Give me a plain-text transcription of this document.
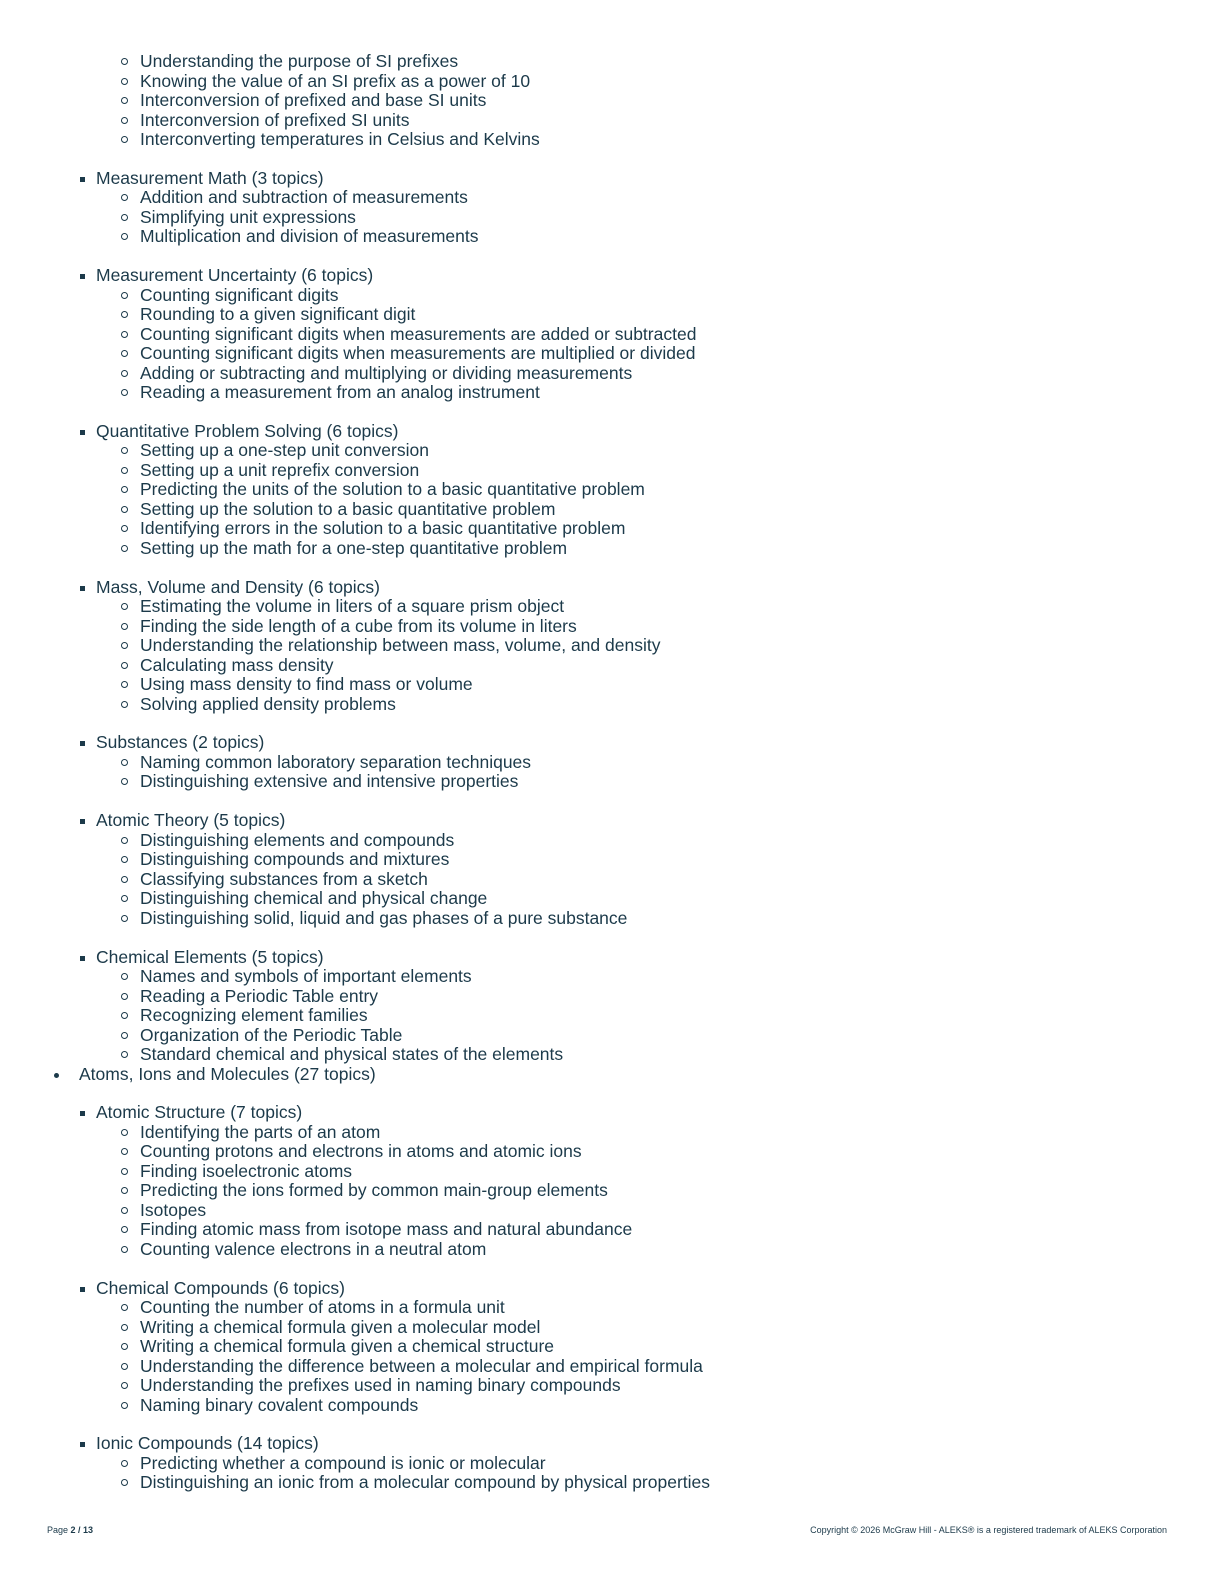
Understanding the purpose of SI prefixes
Knowing the value of an SI prefix as a power of 10
Interconversion of prefixed and base SI units
Interconversion of prefixed SI units
Interconverting temperatures in Celsius and Kelvins
Measurement Math (3 topics)
Addition and subtraction of measurements
Simplifying unit expressions
Multiplication and division of measurements
Measurement Uncertainty (6 topics)
Counting significant digits
Rounding to a given significant digit
Counting significant digits when measurements are added or subtracted
Counting significant digits when measurements are multiplied or divided
Adding or subtracting and multiplying or dividing measurements
Reading a measurement from an analog instrument
Quantitative Problem Solving (6 topics)
Setting up a one-step unit conversion
Setting up a unit reprefix conversion
Predicting the units of the solution to a basic quantitative problem
Setting up the solution to a basic quantitative problem
Identifying errors in the solution to a basic quantitative problem
Setting up the math for a one-step quantitative problem
Mass, Volume and Density (6 topics)
Estimating the volume in liters of a square prism object
Finding the side length of a cube from its volume in liters
Understanding the relationship between mass, volume, and density
Calculating mass density
Using mass density to find mass or volume
Solving applied density problems
Substances (2 topics)
Naming common laboratory separation techniques
Distinguishing extensive and intensive properties
Atomic Theory (5 topics)
Distinguishing elements and compounds
Distinguishing compounds and mixtures
Classifying substances from a sketch
Distinguishing chemical and physical change
Distinguishing solid, liquid and gas phases of a pure substance
Chemical Elements (5 topics)
Names and symbols of important elements
Reading a Periodic Table entry
Recognizing element families
Organization of the Periodic Table
Standard chemical and physical states of the elements
Atoms, Ions and Molecules (27 topics)
Atomic Structure (7 topics)
Identifying the parts of an atom
Counting protons and electrons in atoms and atomic ions
Finding isoelectronic atoms
Predicting the ions formed by common main-group elements
Isotopes
Finding atomic mass from isotope mass and natural abundance
Counting valence electrons in a neutral atom
Chemical Compounds (6 topics)
Counting the number of atoms in a formula unit
Writing a chemical formula given a molecular model
Writing a chemical formula given a chemical structure
Understanding the difference between a molecular and empirical formula
Understanding the prefixes used in naming binary compounds
Naming binary covalent compounds
Ionic Compounds (14 topics)
Predicting whether a compound is ionic or molecular
Distinguishing an ionic from a molecular compound by physical properties
Page 2 / 13	Copyright © 2026 McGraw Hill - ALEKS® is a registered trademark of ALEKS Corporation
